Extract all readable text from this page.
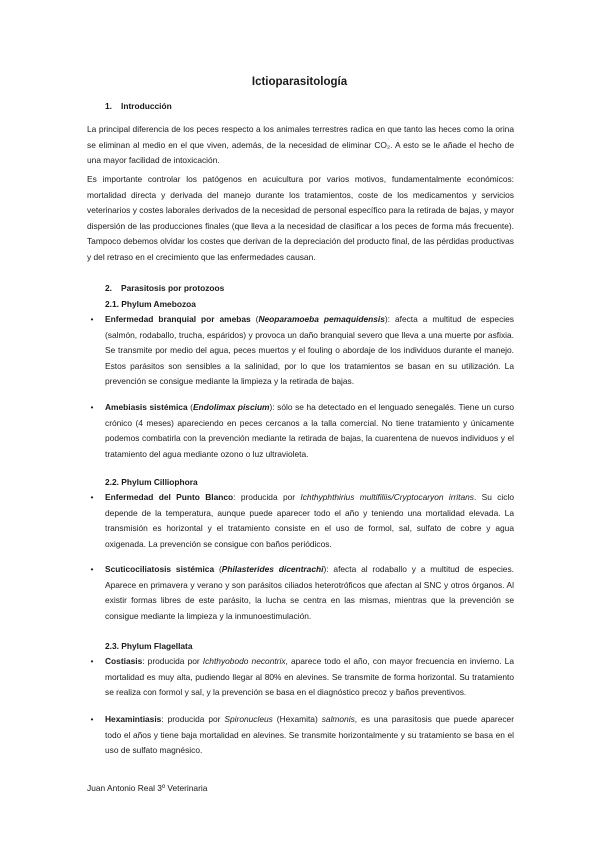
Ictioparasitología
1. Introducción

La principal diferencia de los peces respecto a los animales terrestres radica en que tanto las heces como la orina se eliminan al medio en el que viven, además, de la necesidad de eliminar CO₂. A esto se le añade el hecho de una mayor facilidad de intoxicación.

Es importante controlar los patógenos en acuicultura por varios motivos, fundamentalmente económicos: mortalidad directa y derivada del manejo durante los tratamientos, coste de los medicamentos y servicios veterinarios y costes laborales derivados de la necesidad de personal específico para la retirada de bajas, y mayor dispersión de las producciones finales (que lleva a la necesidad de clasificar a los peces de forma más frecuente). Tampoco debemos olvidar los costes que derivan de la depreciación del producto final, de las pérdidas productivas y del retraso en el crecimiento que las enfermedades causan.

2. Parasitosis por protozoos
2.1. Phylum Amebozoa
•	Enfermedad branquial por amebas (Neoparamoeba pemaquidensis): afecta a multitud de especies (salmón, rodaballo, trucha, espáridos) y provoca un daño branquial severo que lleva a una muerte por asfixia. Se transmite por medio del agua, peces muertos y el fouling o abordaje de los individuos durante el manejo. Estos parásitos son sensibles a la salinidad, por lo que los tratamientos se basan en su utilización. La prevención se consigue mediante la limpieza y la retirada de bajas.
•	Amebiasis sistémica (Endolimax piscium): sólo se ha detectado en el lenguado senegalés. Tiene un curso crónico (4 meses) apareciendo en peces cercanos a la talla comercial. No tiene tratamiento y únicamente podemos combatirla con la prevención mediante la retirada de bajas, la cuarentena de nuevos individuos y el tratamiento del agua mediante ozono o luz ultravioleta.
2.2. Phylum Cilliophora
•	Enfermedad del Punto Blanco: producida por Ichthyphthirius multifiliis/Cryptocaryon irritans. Su ciclo depende de la temperatura, aunque puede aparecer todo el año y teniendo una mortalidad elevada. La transmisión es horizontal y el tratamiento consiste en el uso de formol, sal, sulfato de cobre y agua oxigenada. La prevención se consigue con baños periódicos.
•	Scuticociliatosis sistémica (Philasterides dicentrachi): afecta al rodaballo y a multitud de especies. Aparece en primavera y verano y son parásitos ciliados heterotróficos que afectan al SNC y otros órganos. Al existir formas libres de este parásito, la lucha se centra en las mismas, mientras que la prevención se consigue mediante la limpieza y la inmunoestimulación.
2.3. Phylum Flagellata
•	Costiasis: producida por Ichthyobodo necontrix, aparece todo el año, con mayor frecuencia en invierno. La mortalidad es muy alta, pudiendo llegar al 80% en alevines. Se transmite de forma horizontal. Su tratamiento se realiza con formol y sal, y la prevención se basa en el diagnóstico precoz y baños preventivos.
•	Hexamintiasis: producida por Spironucleus (Hexamita) salmonis, es una parasitosis que puede aparecer todo el años y tiene baja mortalidad en alevines. Se transmite horizontalmente y su tratamiento se basa en el uso de sulfato magnésico.
Juan Antonio Real 3º Veterinaria
